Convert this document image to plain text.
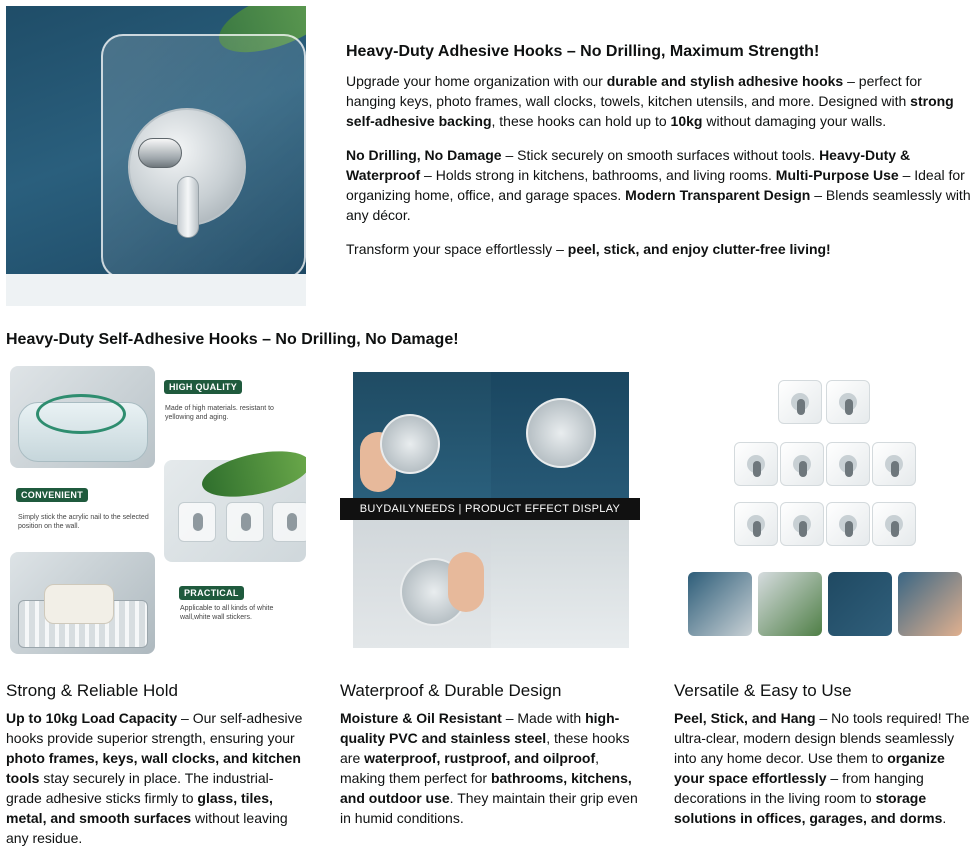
Heavy-Duty Adhesive Hooks – No Drilling, Maximum Strength!

Upgrade your home organization with our durable and stylish adhesive hooks – perfect for hanging keys, photo frames, wall clocks, towels, kitchen utensils, and more. Designed with strong self-adhesive backing, these hooks can hold up to 10kg without damaging your walls.

No Drilling, No Damage – Stick securely on smooth surfaces without tools. Heavy-Duty & Waterproof – Holds strong in kitchens, bathrooms, and living rooms. Multi-Purpose Use – Ideal for organizing home, office, and garage spaces. Modern Transparent Design – Blends seamlessly with any décor.

Transform your space effortlessly – peel, stick, and enjoy clutter-free living!

Heavy-Duty Self-Adhesive Hooks – No Drilling, No Damage!
HIGH QUALITY
Made of high materials. resistant to yellowing and aging.
CONVENIENT
Simply stick the acrylic nail to the selected position on the wall.
PRACTICAL
Applicable to all kinds of white wall,white wall stickers.
BUYDAILYNEEDS | PRODUCT EFFECT DISPLAY
Strong & Reliable Hold

Up to 10kg Load Capacity – Our self-adhesive hooks provide superior strength, ensuring your photo frames, keys, wall clocks, and kitchen tools stay securely in place. The industrial-grade adhesive sticks firmly to glass, tiles, metal, and smooth surfaces without leaving any residue.

Waterproof & Durable Design

Moisture & Oil Resistant – Made with high-quality PVC and stainless steel, these hooks are waterproof, rustproof, and oilproof, making them perfect for bathrooms, kitchens, and outdoor use. They maintain their grip even in humid conditions.

Versatile & Easy to Use

Peel, Stick, and Hang – No tools required! The ultra-clear, modern design blends seamlessly into any home decor. Use them to organize your space effortlessly – from hanging decorations in the living room to storage solutions in offices, garages, and dorms.
